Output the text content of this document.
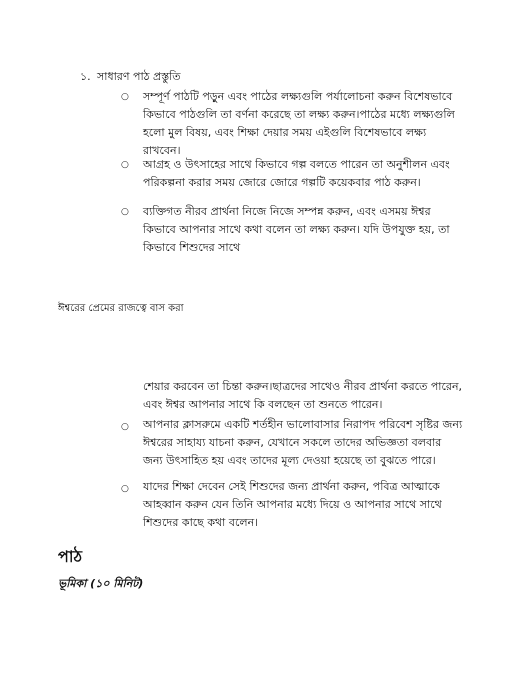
১. সাধারণ পাঠ প্রস্তুতি
○ সম্পূর্ণ পাঠটি পড়ুন এবং পাঠের লক্ষ্যগুলি পর্যালোচনা করুন বিশেষভাবে
কিভাবে পাঠগুলি তা বর্ণনা করেছে তা লক্ষ্য করুন।পাঠের মধ্যে লক্ষ্যগুলি
হলো মুল বিষয়, এবং শিক্ষা দেয়ার সময় এইগুলি বিশেষভাবে লক্ষ্য
রাখবেন।
○ আগ্রহ ও উৎসাহের সাথে কিভাবে গল্প বলতে পারেন তা অনুশীলন এবং
পরিকল্পনা করার সময় জোরে জোরে গল্পটি কয়েকবার পাঠ করুন।
○ ব্যক্তিগত নীরব প্রার্থনা নিজে নিজে সম্পন্ন করুন, এবং এসময় ঈশ্বর
কিভাবে আপনার সাথে কথা বলেন তা লক্ষ্য করুন। যদি উপযুক্ত হয়, তা
কিভাবে শিশুদের সাথে
ঈশ্বরের প্রেমের রাজত্বে বাস করা
শেয়ার করবেন তা চিন্তা করুন।ছাত্রদের সাথেও নীরব প্রার্থনা করতে পারেন,
এবং ঈশ্বর আপনার সাথে কি বলছেন তা শুনতে পারেন।
○ আপনার ক্লাসরুমে একটি শর্তহীন ভালোবাসার নিরাপদ পরিবেশ সৃষ্টির জন্য
ঈশ্বরের সাহায্য যাচনা করুন, যেখানে সকলে তাদের অভিজ্ঞতা বলবার
জন্য উৎসাহিত হয় এবং তাদের মূল্য দেওয়া হয়েছে তা বুঝতে পারে।
○ যাদের শিক্ষা দেবেন সেই শিশুদের জন্য প্রার্থনা করুন, পবিত্র আত্মাকে
আহব্বান করুন যেন তিনি আপনার মধ্যে দিয়ে ও আপনার সাথে সাথে
শিশুদের কাছে কথা বলেন।
পাঠ
ভূমিকা (১০ মিনিট)
